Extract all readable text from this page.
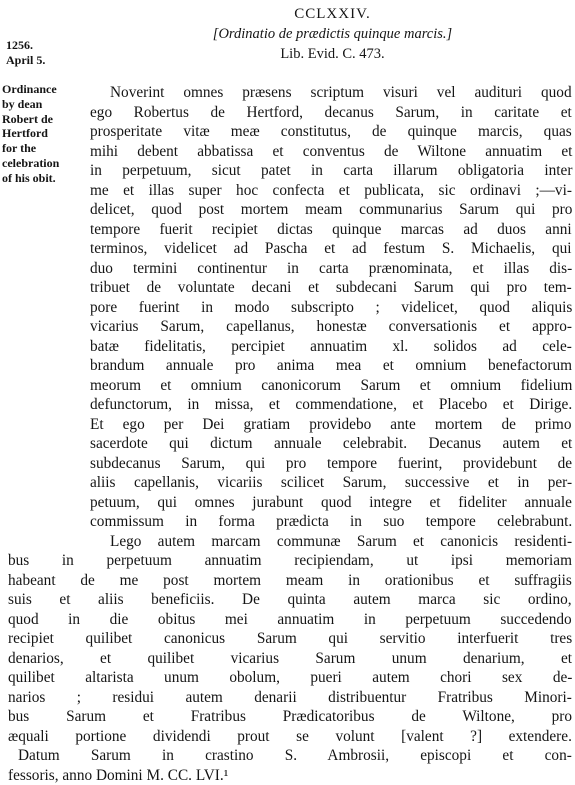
CCLXXIV.
[Ordinatio de prædictis quinque marcis.]
Lib. Evid. C. 473.
1256.
April 5.
Ordinance
by dean
Robert de
Hertford
for the
celebration
of his obit.
Noverint omnes præsens scriptum visuri vel audituri quod
ego Robertus de Hertford, decanus Sarum, in caritate et
prosperitate vitæ meæ constitutus, de quinque marcis, quas
mihi debent abbatissa et conventus de Wiltone annuatim et
in perpetuum, sicut patet in carta illarum obligatoria inter
me et illas super hoc confecta et publicata, sic ordinavi ;—vi-
delicet, quod post mortem meam communarius Sarum qui pro
tempore fuerit recipiet dictas quinque marcas ad duos anni
terminos, videlicet ad Pascha et ad festum S. Michaelis, qui
duo termini continentur in carta prænominata, et illas dis-
tribuet de voluntate decani et subdecani Sarum qui pro tem-
pore fuerint in modo subscripto ; videlicet, quod aliquis
vicarius Sarum, capellanus, honestæ conversationis et appro-
batæ fidelitatis, percipiet annuatim xl. solidos ad cele-
brandum annuale pro anima mea et omnium benefactorum
meorum et omnium canonicorum Sarum et omnium fidelium
defunctorum, in missa, et commendatione, et Placebo et Dirige.
Et ego per Dei gratiam providebo ante mortem de primo
sacerdote qui dictum annuale celebrabit. Decanus autem et
subdecanus Sarum, qui pro tempore fuerint, providebunt de
aliis capellanis, vicariis scilicet Sarum, successive et in per-
petuum, qui omnes jurabunt quod integre et fideliter annuale
commissum in forma prædicta in suo tempore celebrabunt.
Lego autem marcam communæ Sarum et canonicis residenti-
bus in perpetuum annuatim recipiendam, ut ipsi memoriam
habeant de me post mortem meam in orationibus et suffragiis
suis et aliis beneficiis. De quinta autem marca sic ordino,
quod in die obitus mei annuatim in perpetuum succedendo
recipiet quilibet canonicus Sarum qui servitio interfuerit tres
denarios, et quilibet vicarius Sarum unum denarium, et
quilibet altarista unum obolum, pueri autem chori sex de-
narios ; residui autem denarii distribuentur Fratribus Minori-
bus Sarum et Fratribus Prædicatoribus de Wiltone, pro
æquali portione dividendi prout se volunt [valent ?] extendere.
Datum Sarum in crastino S. Ambrosii, episcopi et con-
fessoris, anno Domini M. CC. LVI.¹
